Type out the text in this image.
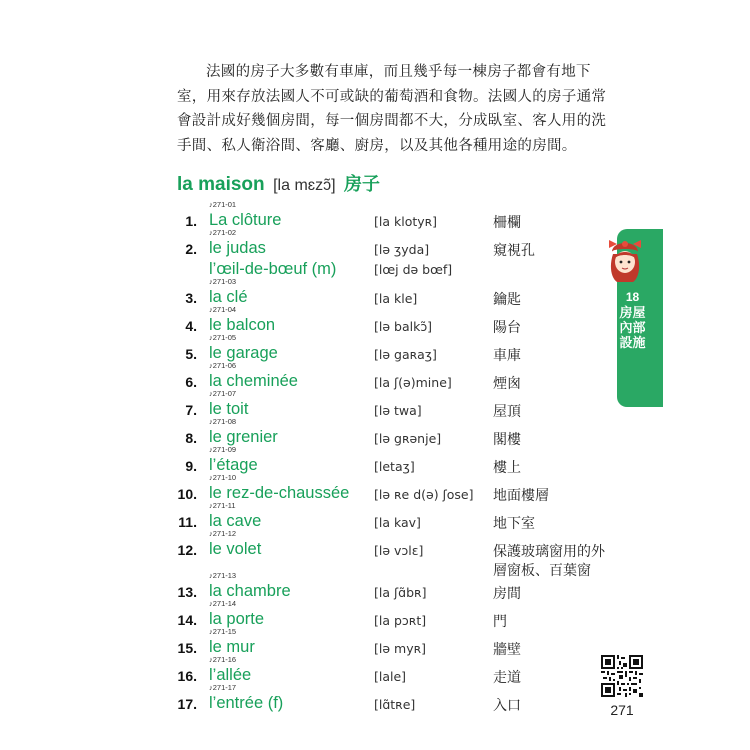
法國的房子大多數有車庫，而且幾乎每一棟房子都會有地下室，用來存放法國人不可或缺的葡萄酒和食物。法國人的房子通常會設計成好幾個房間，每一個房間都不大，分成臥室、客人用的洗手間、私人衛浴間、客廳、廚房，以及其他各種用途的房間。

la maison [la mɛzɔ̃] 房子
♪271-01
1. La clôture	[la klotyʀ]	柵欄
♪271-02
2. le judas	[lə ʒyda]	窺視孔
l’œil-de-bœuf (m)	[lœj də bœf]
♪271-03
3. la clé	[la kle]	鑰匙
♪271-04
4. le balcon	[lə balkɔ̃]	陽台
♪271-05
5. le garage	[lə gaʀaʒ]	車庫
♪271-06
6. la cheminée	[la ʃ(ə)mine]	煙囪
♪271-07
7. le toit	[lə twa]	屋頂
♪271-08
8. le grenier	[lə gʀənje]	閣樓
♪271-09
9. l’étage	[letaʒ]	樓上
♪271-10
10. le rez-de-chaussée [lə ʀe d(ə) ʃose] 地面樓層
♪271-11
11. la cave	[la kav]	地下室
♪271-12
12. le volet	[lə vɔlɛ]	保護玻璃窗用的外
層窗板、百葉窗
♪271-13
13. la chambre	[la ʃɑ̃bʀ]	房間
♪271-14
14. la porte	[la pɔʀt]	門
♪271-15
15. le mur	[lə myʀ]	牆壁
♪271-16
16. l’allée	[lale]	走道
♪271-17
17. l’entrée (f)	[lɑ̃tʀe]	入口
18
房屋內部設施
271
